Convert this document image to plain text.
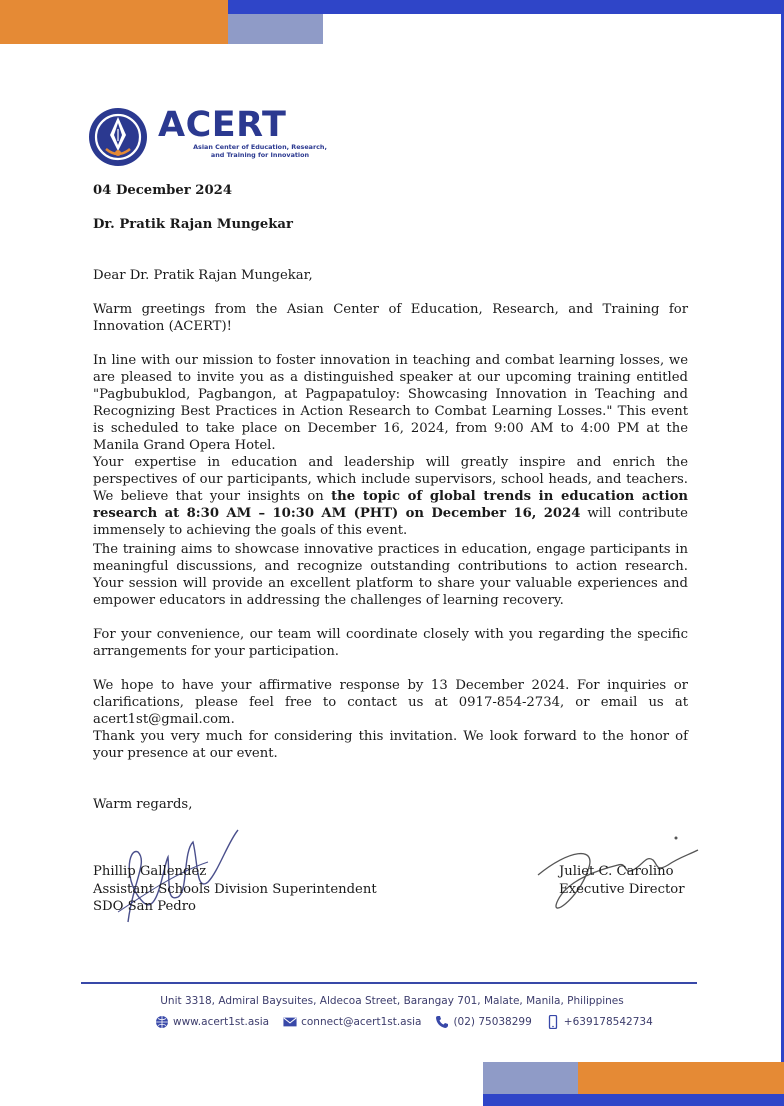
ACERT
Asian Center of Education, Research,
and Training for Innovation
04 December 2024
Dr. Pratik Rajan Mungekar
Dear Dr. Pratik Rajan Mungekar,

Warm greetings from the Asian Center of Education, Research, and Training for Innovation (ACERT)!

In line with our mission to foster innovation in teaching and combat learning losses, we are pleased to invite you as a distinguished speaker at our upcoming training entitled "Pagbubuklod, Pagbangon, at Pagpapatuloy: Showcasing Innovation in Teaching and Recognizing Best Practices in Action Research to Combat Learning Losses." This event is scheduled to take place on December 16, 2024, from 9:00 AM to 4:00 PM at the Manila Grand Opera Hotel.

Your expertise in education and leadership will greatly inspire and enrich the perspectives of our participants, which include supervisors, school heads, and teachers. We believe that your insights on the topic of global trends in education action research at 8:30 AM – 10:30 AM (PHT) on December 16, 2024 will contribute immensely to achieving the goals of this event.

The training aims to showcase innovative practices in education, engage participants in meaningful discussions, and recognize outstanding contributions to action research. Your session will provide an excellent platform to share your valuable experiences and empower educators in addressing the challenges of learning recovery.

For your convenience, our team will coordinate closely with you regarding the specific arrangements for your participation.

We hope to have your affirmative response by 13 December 2024. For inquiries or clarifications, please feel free to contact us at 0917-854-2734, or email us at acert1st@gmail.com.

Thank you very much for considering this invitation. We look forward to the honor of your presence at our event.

Warm regards,
Phillip Gallendez
Assistant Schools Division Superintendent
SDO San Pedro
Juliet C. Carolino
Executive Director
Unit 3318, Admiral Baysuites, Aldecoa Street, Barangay 701, Malate, Manila, Philippines
www.acert1st.asia	connect@acert1st.asia	(02) 75038299	+639178542734
